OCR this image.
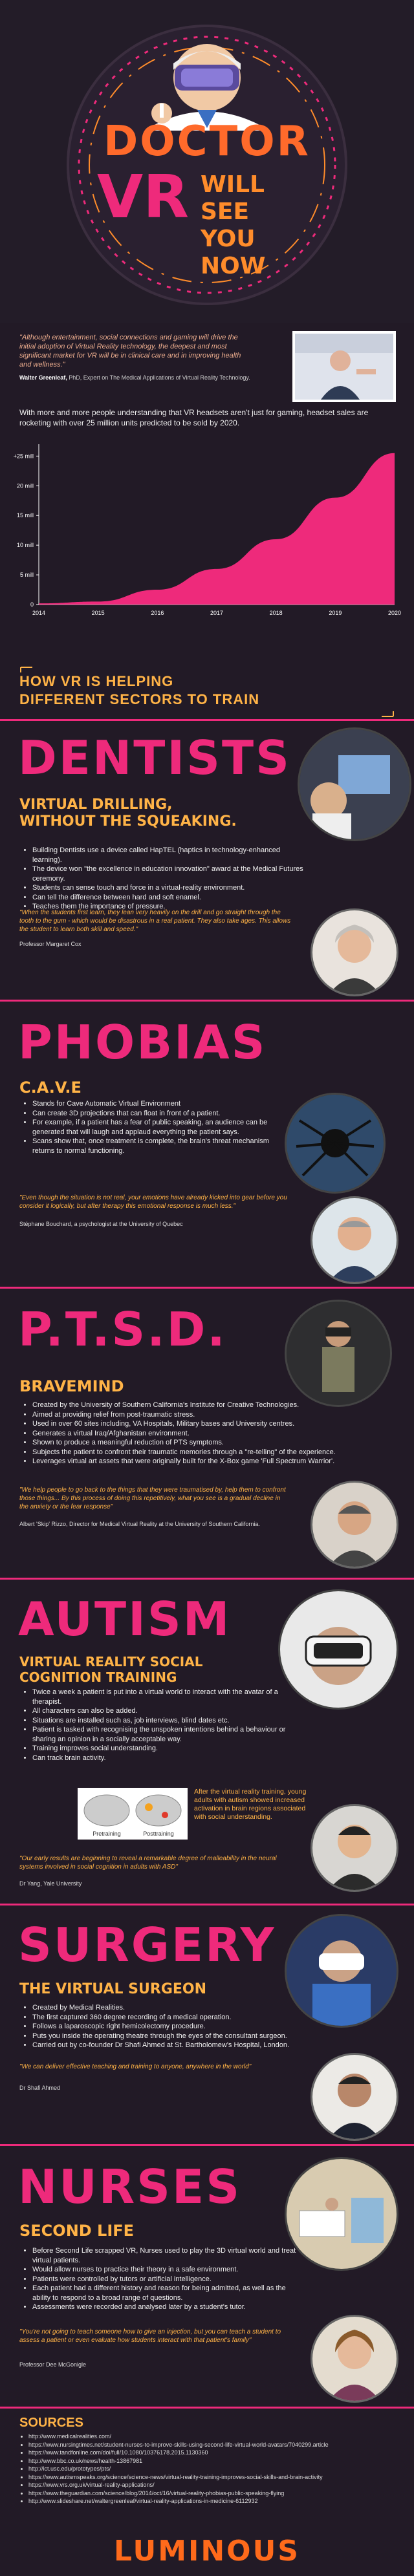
DOCTOR
VR WILL SEE
YOU NOW
"Although entertainment, social connections and gaming will drive the initial adoption of Virtual Reality technology, the deepest and most significant market for VR will be in clinical care and in improving health and wellness."
Walter Greenleaf, PhD, Expert on The Medical Applications of Virtual Reality Technology.
With more and more people understanding that VR headsets aren't just for gaming, headset sales are rocketing with over 25 million units predicted to be sold by 2020.
0
5 mill
10 mill
15 mill
20 mill
+25 mill
2014	2015	2016	2017	2018	2019	2020
HOW VR IS HELPING
DIFFERENT SECTORS TO TRAIN
DENTISTS
VIRTUAL DRILLING,
WITHOUT THE SQUEAKING.
• Building Dentists use a device called HapTEL (haptics in technology-enhanced learning).
• The device won "the excellence in education innovation" award at the Medical Futures ceremony.
• Students can sense touch and force in a virtual-reality environment.
• Can tell the difference between hard and soft enamel.
• Teaches them the importance of pressure.
"When the students first learn, they lean very heavily on the drill and go straight through the tooth to the gum - which would be disastrous in a real patient. They also take ages. This allows the student to learn both skill and speed."
Professor Margaret Cox
PHOBIAS
C.A.V.E
• Stands for Cave Automatic Virtual Environment
• Can create 3D projections that can float in front of a patient.
• For example, if a patient has a fear of public speaking, an audience can be generated that will laugh and applaud everything the patient says.
• Scans show that, once treatment is complete, the brain's threat mechanism returns to normal functioning.
"Even though the situation is not real, your emotions have already kicked into gear before you consider it logically, but after therapy this emotional response is much less."
Stéphane Bouchard, a psychologist at the University of Quebec
P.T.S.D.
BRAVEMIND
• Created by the University of Southern California's Institute for Creative Technologies.
• Aimed at providing relief from post-traumatic stress.
• Used in over 60 sites including, VA Hospitals, Military bases and University centres.
• Generates a virtual Iraq/Afghanistan environment.
• Shown to produce a meaningful reduction of PTS symptoms.
• Subjects the patient to confront their traumatic memories through a "re-telling" of the experience.
• Leverages virtual art assets that were originally built for the X-Box game 'Full Spectrum Warrior'.
"We help people to go back to the things that they were traumatised by, help them to confront those things... By this process of doing this repetitively, what you see is a gradual decline in the anxiety or the fear response"
Albert 'Skip' Rizzo, Director for Medical Virtual Reality at the University of Southern California.
AUTISM
VIRTUAL REALITY SOCIAL
COGNITION TRAINING
• Twice a week a patient is put into a virtual world to interact with the avatar of a therapist.
• All characters can also be added.
• Situations are installed such as, job interviews, blind dates etc.
• Patient is tasked with recognising the unspoken intentions behind a behaviour or sharing an opinion in a socially acceptable way.
• Training improves social understanding.
• Can track brain activity.
Pretraining	Posttraining
After the virtual reality training, young adults with autism showed increased activation in brain regions associated with social understanding.
"Our early results are beginning to reveal a remarkable degree of malleability in the neural systems involved in social cognition in adults with ASD"
Dr Yang, Yale University
SURGERY
THE VIRTUAL SURGEON
• Created by Medical Realities.
• The first captured 360 degree recording of a medical operation.
• Follows a laparoscopic right hemicolectomy procedure.
• Puts you inside the operating theatre through the eyes of the consultant surgeon.
• Carried out by co-founder Dr Shafi Ahmed at St. Bartholomew's Hospital, London.
"We can deliver effective teaching and training to anyone, anywhere in the world"
Dr Shafi Ahmed
NURSES
SECOND LIFE
• Before Second Life scrapped VR, Nurses used to play the 3D virtual world and treat virtual patients.
• Would allow nurses to practice their theory in a safe environment.
• Patients were controlled by tutors or artificial intelligence.
• Each patient had a different history and reason for being admitted, as well as the ability to respond to a broad range of questions.
• Assessments were recorded and analysed later by a student's tutor.
"You're not going to teach someone how to give an injection, but you can teach a student to assess a patient or even evaluate how students interact with that patient's family"
Professor Dee McGonigle
SOURCES
• http://www.medicalrealities.com/
• https://www.nursingtimes.net/student-nurses-to-improve-skills-using-second-life-virtual-world-avatars/7040299.article
• https://www.tandfonline.com/doi/full/10.1080/10376178.2015.1130360
• http://www.bbc.co.uk/news/health-13867981
• http://ict.usc.edu/prototypes/pts/
• https://www.autismspeaks.org/science/science-news/virtual-reality-training-improves-social-skills-and-brain-activity
• https://www.vrs.org.uk/virtual-reality-applications/
• https://www.theguardian.com/science/blog/2014/oct/16/virtual-reality-phobias-public-speaking-flying
• http://www.slideshare.net/waltergreenleaf/virtual-reality-applications-in-medicine-6112932
LUMINOUS
